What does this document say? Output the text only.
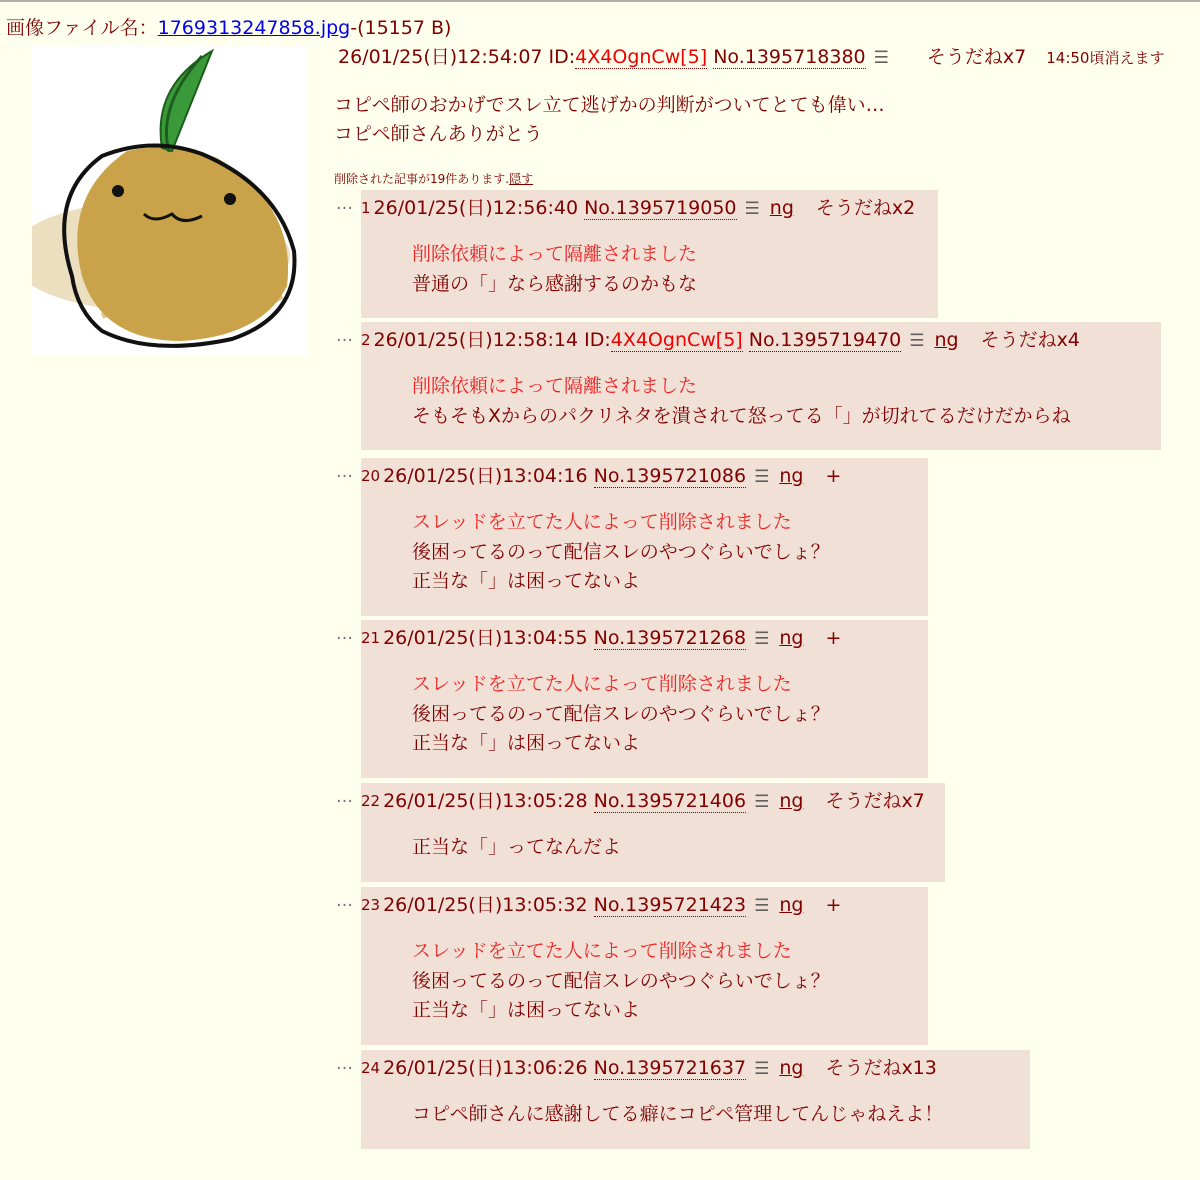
画像ファイル名：1769313247858.jpg-(15157 B)
26/01/25(日)12:54:07 ID:4X4OgnCw[5] No.1395718380 ☰ そうだねx7 14:50頃消えます
コピペ師のおかげでスレ立て逃げかの判断がついてとても偉い…
コピペ師さんありがとう
削除された記事が19件あります.隠す
… $^1$ 26/01/25(日)12:56:40 No.1395719050 ☰ ng そうだねx2
削除依頼によって隔離されました
普通の「」なら感謝するのかもな
… $^2$ 26/01/25(日)12:58:14 ID:4X4OgnCw[5] No.1395719470 ☰ ng そうだねx4
削除依頼によって隔離されました
そもそもXからのパクリネタを潰されて怒ってる「」が切れてるだけだからね
… $^{20}$ 26/01/25(日)13:04:16 No.1395721086 ☰ ng +
スレッドを立てた人によって削除されました
後困ってるのって配信スレのやつぐらいでしょ？
正当な「」は困ってないよ
… $^{21}$ 26/01/25(日)13:04:55 No.1395721268 ☰ ng +
スレッドを立てた人によって削除されました
後困ってるのって配信スレのやつぐらいでしょ？
正当な「」は困ってないよ
… $^{22}$ 26/01/25(日)13:05:28 No.1395721406 ☰ ng そうだねx7
正当な「」ってなんだよ
… $^{23}$ 26/01/25(日)13:05:32 No.1395721423 ☰ ng +
スレッドを立てた人によって削除されました
後困ってるのって配信スレのやつぐらいでしょ？
正当な「」は困ってないよ
… $^{24}$ 26/01/25(日)13:06:26 No.1395721637 ☰ ng そうだねx13
コピペ師さんに感謝してる癖にコピペ管理してんじゃねえよ！
